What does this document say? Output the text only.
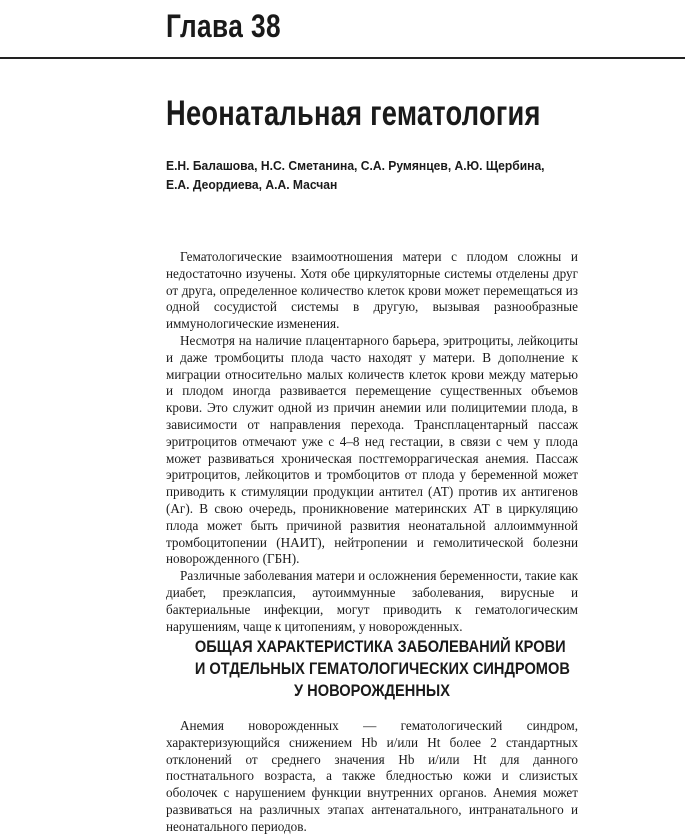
Глава 38
Неонатальная гематология
Е.Н. Балашова, Н.С. Сметанина, С.А. Румянцев, А.Ю. Щербина,
Е.А. Деордиева, А.А. Масчан

Гематологические взаимоотношения матери с плодом сложны и недостаточно изучены. Хотя обе циркуляторные системы отделены друг от друга, определенное количество клеток крови может перемещаться из одной сосудистой системы в другую, вызывая разнообразные иммунологические изменения.

Несмотря на наличие плацентарного барьера, эритроциты, лейкоциты и даже тромбоциты плода часто находят у матери. В дополнение к миграции относительно малых количеств клеток крови между матерью и плодом иногда развивается перемещение существенных объемов крови. Это служит одной из причин анемии или полицитемии плода, в зависимости от направления перехода. Трансплацентарный пассаж эритроцитов отмечают уже с 4–8 нед гестации, в связи с чем у плода может развиваться хроническая постгеморрагическая анемия. Пассаж эритроцитов, лейкоцитов и тромбоцитов от плода у беременной может приводить к стимуляции продукции антител (АТ) против их антигенов (Аг). В свою очередь, проникновение материнских АТ в циркуляцию плода может быть причиной развития неонатальной аллоиммунной тромбоцитопении (НАИТ), нейтропении и гемолитической болезни новорожденного (ГБН).

Различные заболевания матери и осложнения беременности, такие как диабет, преэклапсия, аутоиммунные заболевания, вирусные и бактериальные инфекции, могут приводить к гематологическим нарушениям, чаще к цитопениям, у новорожденных.

ОБЩАЯ ХАРАКТЕРИСТИКА ЗАБОЛЕВАНИЙ КРОВИ
И ОТДЕЛЬНЫХ ГЕМАТОЛОГИЧЕСКИХ СИНДРОМОВ
У НОВОРОЖДЕННЫХ

Анемия новорожденных — гематологический синдром, характеризующийся снижением Hb и/или Ht более 2 стандартных отклонений от среднего значения Hb и/или Ht для данного постнатального возраста, а также бледностью кожи и слизистых оболочек с нарушением функции внутренних органов. Анемия может развиваться на различных этапах антенатального, интранатального и неонатального периодов.
